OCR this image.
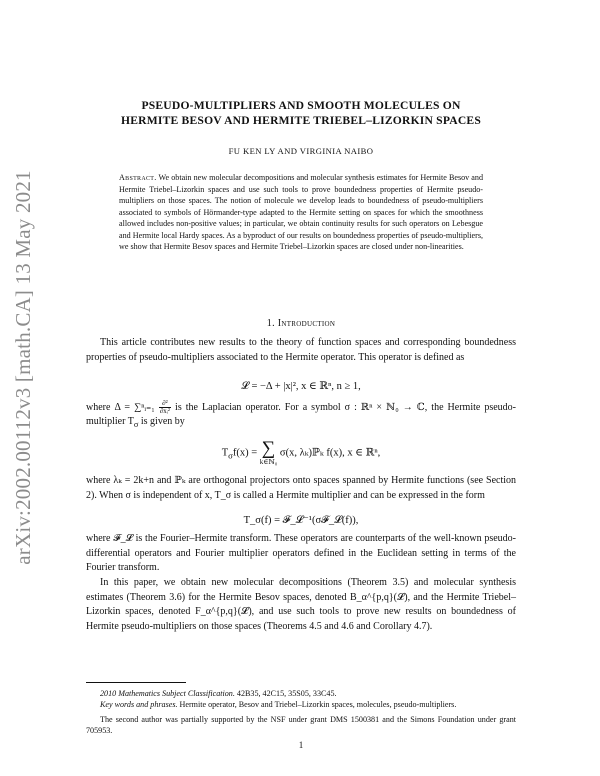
arXiv:2002.00112v3 [math.CA] 13 May 2021
PSEUDO-MULTIPLIERS AND SMOOTH MOLECULES ON
HERMITE BESOV AND HERMITE TRIEBEL–LIZORKIN SPACES
FU KEN LY AND VIRGINIA NAIBO
Abstract. We obtain new molecular decompositions and molecular synthesis estimates for Hermite Besov and Hermite Triebel–Lizorkin spaces and use such tools to prove boundedness properties of Hermite pseudo-multipliers on those spaces. The notion of molecule we develop leads to boundedness of pseudo-multipliers associated to symbols of Hörmander-type adapted to the Hermite setting on spaces for which the smoothness allowed includes non-positive values; in particular, we obtain continuity results for such operators on Lebesgue and Hermite local Hardy spaces. As a byproduct of our results on boundedness properties of pseudo-multipliers, we show that Hermite Besov spaces and Hermite Triebel–Lizorkin spaces are closed under non-linearities.
1. Introduction
This article contributes new results to the theory of function spaces and corresponding boundedness properties of pseudo-multipliers associated to the Hermite operator. This operator is defined as
𝓛 = −Δ + |x|², x ∈ ℝⁿ, n ≥ 1,
where Δ = ∑ⁿᵢ₌₁ $\frac{\text{∂²}}{\text{∂xᵢ²}}$ is the Laplacian operator. For a symbol σ : ℝⁿ × ℕ₀ → ℂ, the Hermite pseudo-multiplier $T_\sigma$ is given by
$T_\sigma f(x)$ = ∑
k∈ℕ₀
σ(x, λₖ)ℙₖ f(x), x ∈ ℝⁿ,
where λₖ = 2k+n and ℙₖ are orthogonal projectors onto spaces spanned by Hermite functions (see Section 2). When σ is independent of x, T_σ is called a Hermite multiplier and can be expressed in the form
T_σ(f) = 𝓕_𝓛⁻¹(σ𝓕_𝓛(f)),
where 𝓕_𝓛 is the Fourier–Hermite transform. These operators are counterparts of the well-known pseudo-differential operators and Fourier multiplier operators defined in the Euclidean setting in terms of the Fourier transform.
In this paper, we obtain new molecular decompositions (Theorem 3.5) and molecular synthesis estimates (Theorem 3.6) for the Hermite Besov spaces, denoted B_α^{p,q}(𝓛), and the Hermite Triebel–Lizorkin spaces, denoted F_α^{p,q}(𝓛), and use such tools to prove new results on boundedness of Hermite pseudo-multipliers on those spaces (Theorems 4.5 and 4.6 and Corollary 4.7).

2010 Mathematics Subject Classification. 42B35, 42C15, 35S05, 33C45.

Key words and phrases. Hermite operator, Besov and Triebel–Lizorkin spaces, molecules, pseudo-multipliers.

The second author was partially supported by the NSF under grant DMS 1500381 and the Simons Foundation under grant 705953.

1
